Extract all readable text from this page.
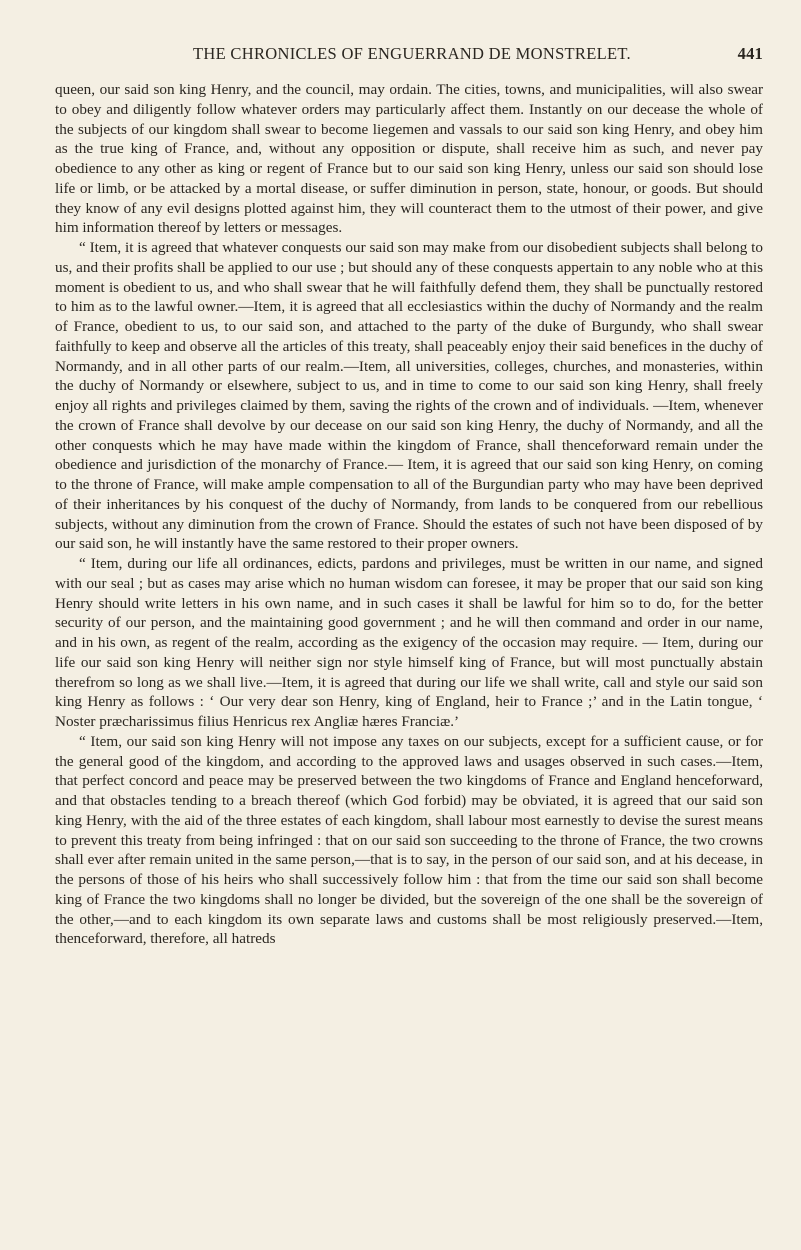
THE CHRONICLES OF ENGUERRAND DE MONSTRELET.	441

queen, our said son king Henry, and the council, may ordain. The cities, towns, and municipalities, will also swear to obey and diligently follow whatever orders may particularly affect them. Instantly on our decease the whole of the subjects of our kingdom shall swear to become liegemen and vassals to our said son king Henry, and obey him as the true king of France, and, without any opposition or dispute, shall receive him as such, and never pay obedience to any other as king or regent of France but to our said son king Henry, unless our said son should lose life or limb, or be attacked by a mortal disease, or suffer diminution in person, state, honour, or goods. But should they know of any evil designs plotted against him, they will counteract them to the utmost of their power, and give him information thereof by letters or messages.

“ Item, it is agreed that whatever conquests our said son may make from our disobedient subjects shall belong to us, and their profits shall be applied to our use ; but should any of these conquests appertain to any noble who at this moment is obedient to us, and who shall swear that he will faithfully defend them, they shall be punctually restored to him as to the lawful owner.—Item, it is agreed that all ecclesiastics within the duchy of Normandy and the realm of France, obedient to us, to our said son, and attached to the party of the duke of Burgundy, who shall swear faithfully to keep and observe all the articles of this treaty, shall peaceably enjoy their said benefices in the duchy of Normandy, and in all other parts of our realm.—Item, all universities, colleges, churches, and monasteries, within the duchy of Normandy or elsewhere, subject to us, and in time to come to our said son king Henry, shall freely enjoy all rights and privileges claimed by them, saving the rights of the crown and of individuals. —Item, whenever the crown of France shall devolve by our decease on our said son king Henry, the duchy of Normandy, and all the other conquests which he may have made within the kingdom of France, shall thenceforward remain under the obedience and jurisdiction of the monarchy of France.— Item, it is agreed that our said son king Henry, on coming to the throne of France, will make ample compensation to all of the Burgundian party who may have been deprived of their inheritances by his conquest of the duchy of Normandy, from lands to be conquered from our rebellious subjects, without any diminution from the crown of France. Should the estates of such not have been disposed of by our said son, he will instantly have the same restored to their proper owners.

“ Item, during our life all ordinances, edicts, pardons and privileges, must be written in our name, and signed with our seal ; but as cases may arise which no human wisdom can foresee, it may be proper that our said son king Henry should write letters in his own name, and in such cases it shall be lawful for him so to do, for the better security of our person, and the maintaining good government ; and he will then command and order in our name, and in his own, as regent of the realm, according as the exigency of the occasion may require. — Item, during our life our said son king Henry will neither sign nor style himself king of France, but will most punctually abstain therefrom so long as we shall live.—Item, it is agreed that during our life we shall write, call and style our said son king Henry as follows : ‘ Our very dear son Henry, king of England, heir to France ;’ and in the Latin tongue, ‘ Noster præcharissimus filius Henricus rex Angliæ hæres Franciæ.’

“ Item, our said son king Henry will not impose any taxes on our subjects, except for a sufficient cause, or for the general good of the kingdom, and according to the approved laws and usages observed in such cases.—Item, that perfect concord and peace may be preserved between the two kingdoms of France and England henceforward, and that obstacles tending to a breach thereof (which God forbid) may be obviated, it is agreed that our said son king Henry, with the aid of the three estates of each kingdom, shall labour most earnestly to devise the surest means to prevent this treaty from being infringed : that on our said son succeeding to the throne of France, the two crowns shall ever after remain united in the same person,—that is to say, in the person of our said son, and at his decease, in the persons of those of his heirs who shall successively follow him : that from the time our said son shall become king of France the two kingdoms shall no longer be divided, but the sovereign of the one shall be the sovereign of the other,—and to each kingdom its own separate laws and customs shall be most religiously preserved.—Item, thenceforward, therefore, all hatreds
